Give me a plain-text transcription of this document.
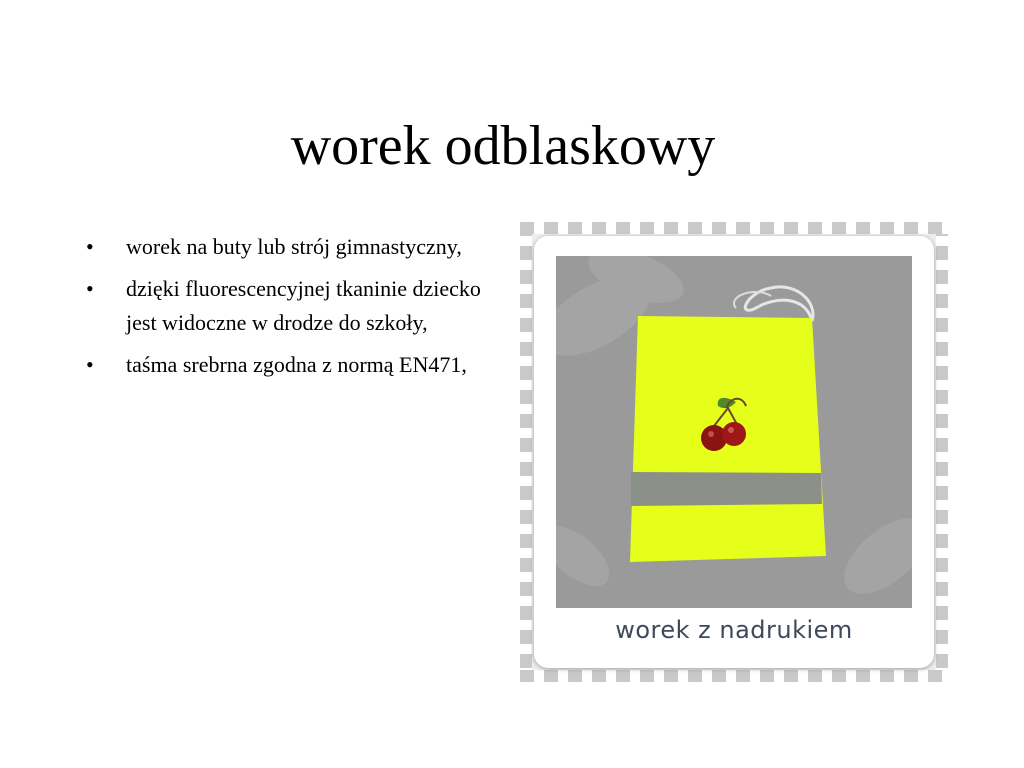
worek odblaskowy
•	worek na buty lub strój gimnastyczny,
•	dzięki fluorescencyjnej tkaninie dziecko jest widoczne w drodze do szkoły,
•	taśma srebrna zgodna z normą EN471,
worek z nadrukiem
